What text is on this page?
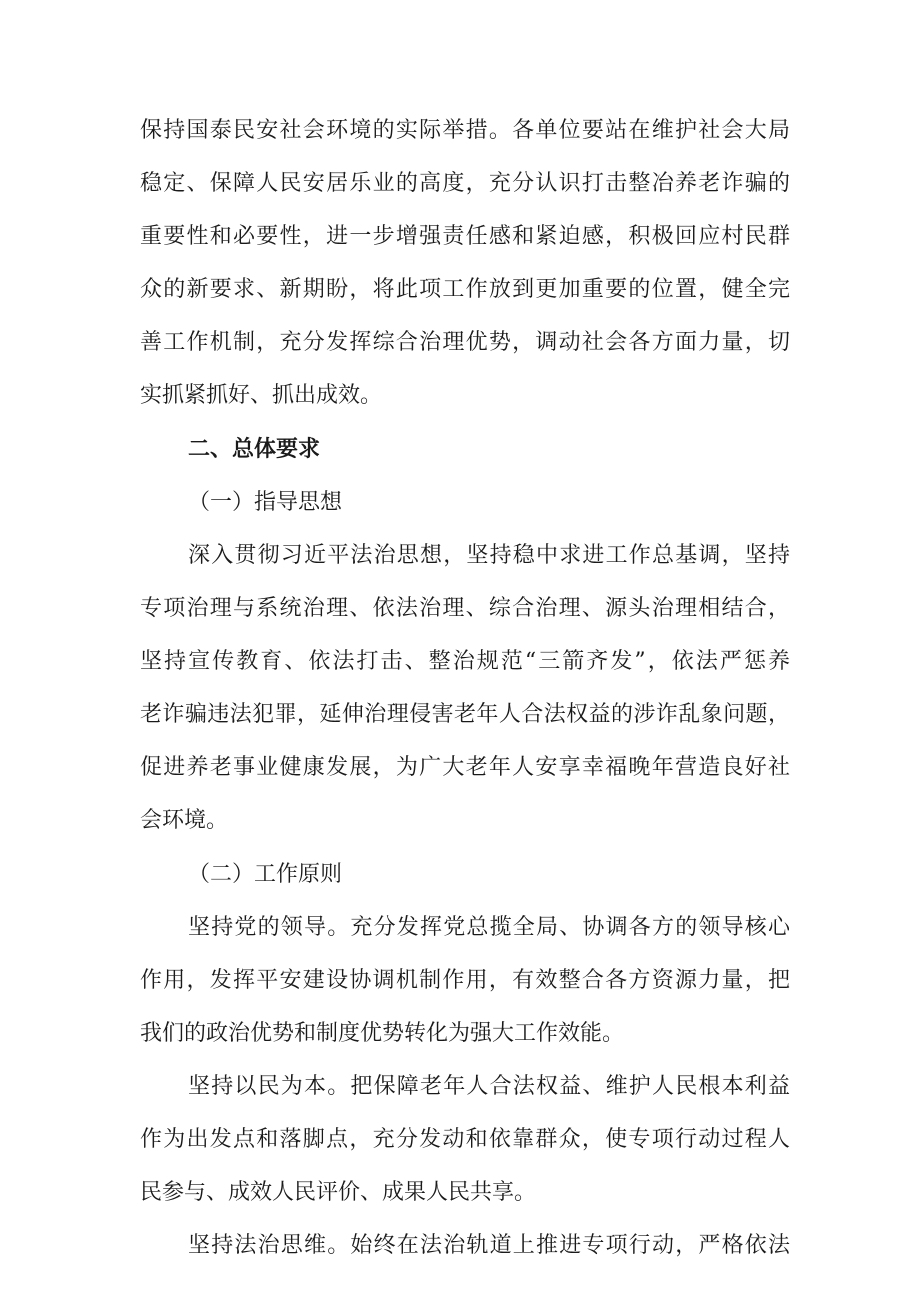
保持国泰民安社会环境的实际举措。各单位要站在维护社会大局
稳定、保障人民安居乐业的高度，充分认识打击整冶养老诈骗的
重要性和必要性，进一步增强责任感和紧迫感，积极回应村民群
众的新要求、新期盼，将此项工作放到更加重要的位置，健全完
善工作机制，充分发挥综合治理优势，调动社会各方面力量，切
实抓紧抓好、抓出成效。
二、总体要求
（一）指导思想
深入贯彻习近平法治思想，坚持稳中求进工作总基调，坚持
专项治理与系统治理、依法治理、综合治理、源头治理相结合，
坚持宣传教育、依法打击、整治规范“三箭齐发”，依法严惩养
老诈骗违法犯罪，延伸治理侵害老年人合法权益的涉诈乱象问题，
促进养老事业健康发展，为广大老年人安享幸福晚年营造良好社
会环境。
（二）工作原则
坚持党的领导。充分发挥党总揽全局、协调各方的领导核心
作用，发挥平安建设协调机制作用，有效整合各方资源力量，把
我们的政治优势和制度优势转化为强大工作效能。
坚持以民为本。把保障老年人合法权益、维护人民根本利益
作为出发点和落脚点，充分发动和依靠群众，使专项行动过程人
民参与、成效人民评价、成果人民共享。
坚持法治思维。始终在法治轨道上推进专项行动，严格依法
